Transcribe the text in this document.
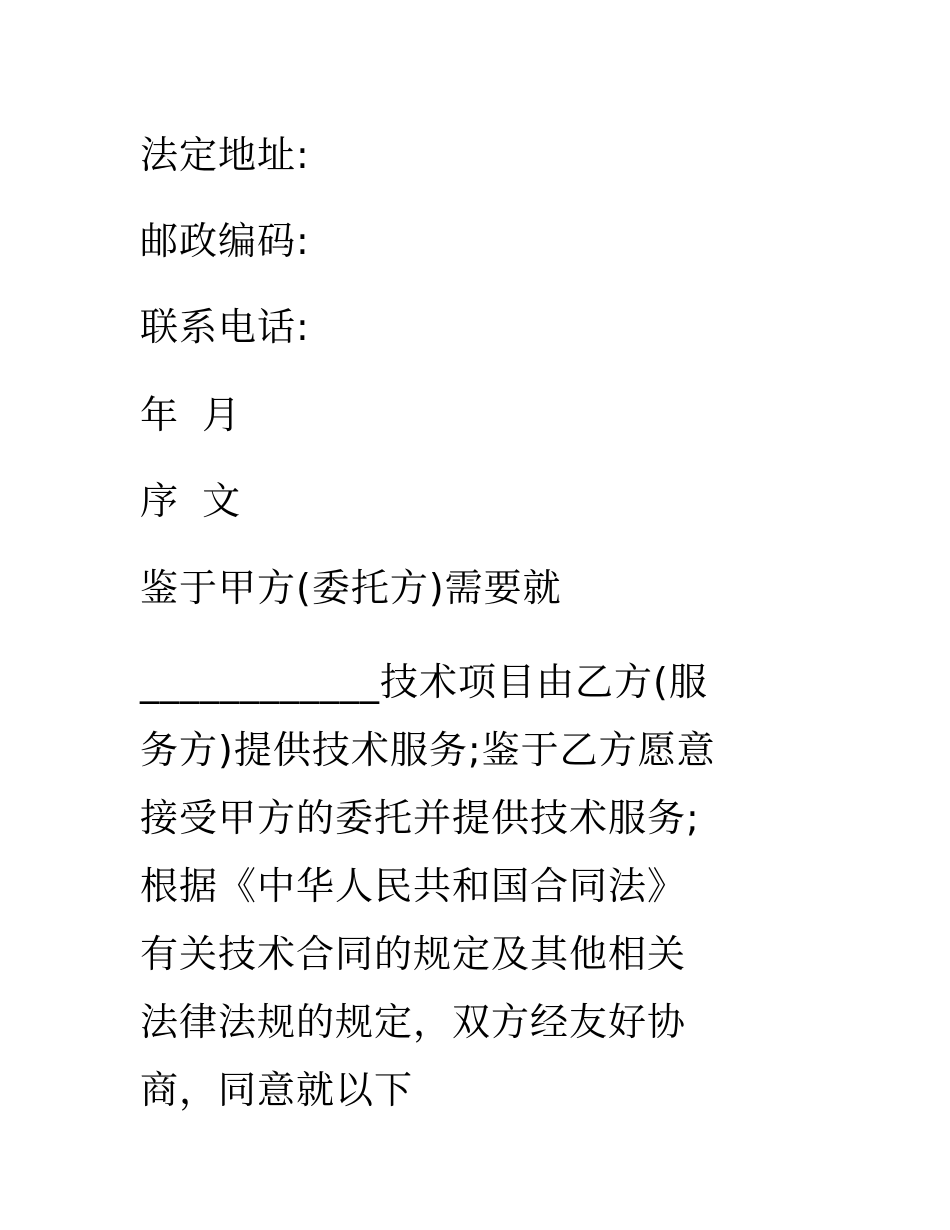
法定地址:
邮政编码:
联系电话:
年  月
序  文
鉴于甲方(委托方)需要就
____________技术项目由乙方(服
务方)提供技术服务;鉴于乙方愿意
接受甲方的委托并提供技术服务;
根据《中华人民共和国合同法》
有关技术合同的规定及其他相关
法律法规的规定，双方经友好协
商，同意就以下
